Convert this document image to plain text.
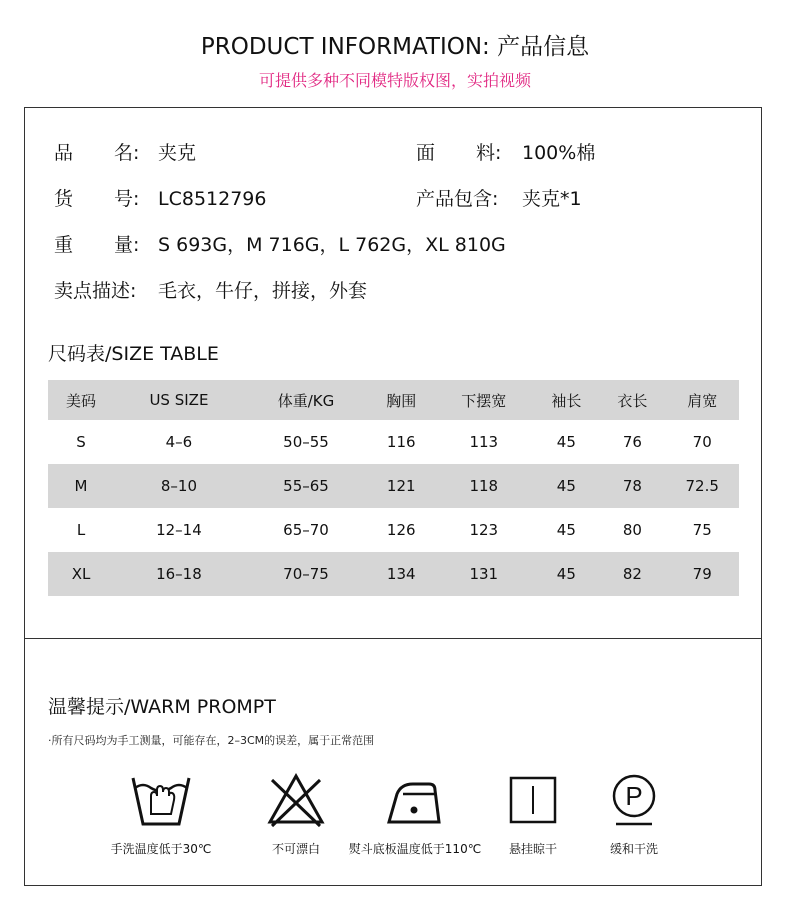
PRODUCT INFORMATION: 产品信息
可提供多种不同模特版权图，实拍视频
品 名: 夹克	面 料: 100%棉
货 号: LC8512796	产品包含: 夹克*1
重 量: S 693G，M 716G，L 762G，XL 810G
卖点描述: 毛衣，牛仔，拼接，外套
尺码表/SIZE TABLE
美码	US SIZE	体重/KG	胸围	下摆宽	袖长	衣长	肩宽
S	4–6	50–55	116	113	45	76	70
M	8–10	55–65	121	118	45	78	72.5
L	12–14	65–70	126	123	45	80	75
XL	16–18	70–75	134	131	45	82	79
温馨提示/WARM PROMPT
·所有尺码均为手工测量，可能存在，2–3CM的误差，属于正常范围
手洗温度低于30℃	不可漂白	熨斗底板温度低于110℃	悬挂晾干
P
缓和干洗
